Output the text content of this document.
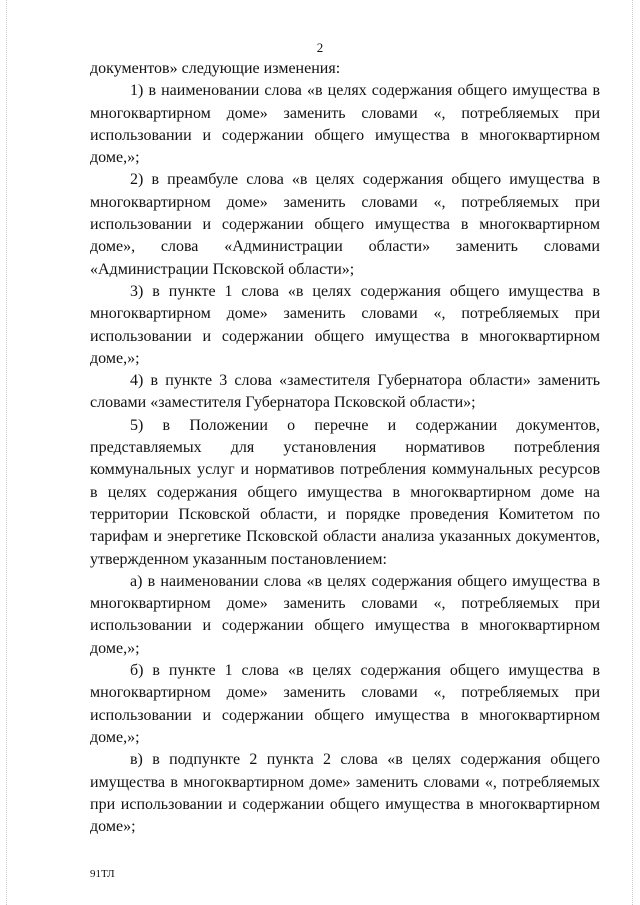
2

документов» следующие изменения:

1) в наименовании слова «в целях содержания общего имущества в многоквартирном доме» заменить словами «, потребляемых при использовании и содержании общего имущества в многоквартирном доме,»;

2) в преамбуле слова «в целях содержания общего имущества в многоквартирном доме» заменить словами «, потребляемых при использовании и содержании общего имущества в многоквартирном доме», слова «Администрации области» заменить словами «Администрации Псковской области»;

3) в пункте 1 слова «в целях содержания общего имущества в многоквартирном доме» заменить словами «, потребляемых при использовании и содержании общего имущества в многоквартирном доме,»;

4) в пункте 3 слова «заместителя Губернатора области» заменить словами «заместителя Губернатора Псковской области»;

5) в Положении о перечне и содержании документов, представляемых для установления нормативов потребления коммунальных услуг и нормативов потребления коммунальных ресурсов в целях содержания общего имущества в многоквартирном доме на территории Псковской области, и порядке проведения Комитетом по тарифам и энергетике Псковской области анализа указанных документов, утвержденном указанным постановлением:

а) в наименовании слова «в целях содержания общего имущества в многоквартирном доме» заменить словами «, потребляемых при использовании и содержании общего имущества в многоквартирном доме,»;

б) в пункте 1 слова «в целях содержания общего имущества в многоквартирном доме» заменить словами «, потребляемых при использовании и содержании общего имущества в многоквартирном доме,»;

в) в подпункте 2 пункта 2 слова «в целях содержания общего имущества в многоквартирном доме» заменить словами «, потребляемых при использовании и содержании общего имущества в многоквартирном доме»;

91ТЛ
